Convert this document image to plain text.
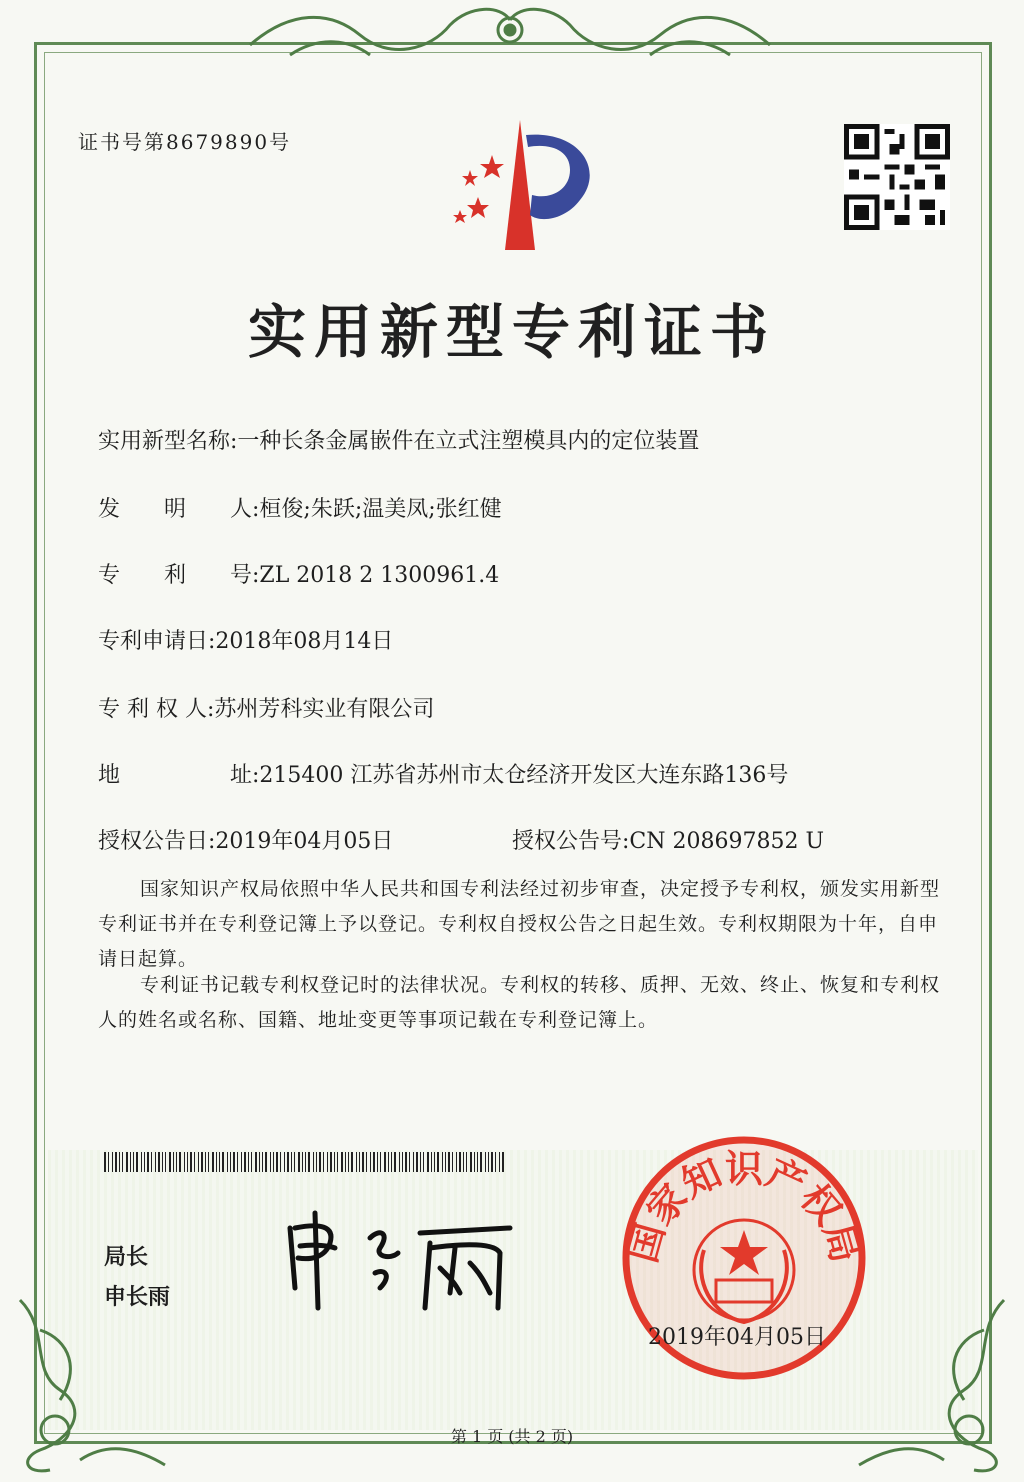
证书号第8679890号
实用新型专利证书
实用新型名称:一种长条金属嵌件在立式注塑模具内的定位装置
发　　明　　人:桓俊;朱跃;温美凤;张红健
专　　利　　号:ZL 2018 2 1300961.4
专利申请日:2018年08月14日
专 利 权 人:苏州芳科实业有限公司
地　　　　　址:215400 江苏省苏州市太仓经济开发区大连东路136号
授权公告日:2019年04月05日	授权公告号:CN 208697852 U
国家知识产权局依照中华人民共和国专利法经过初步审查，决定授予专利权，颁发实用新型专利证书并在专利登记簿上予以登记。专利权自授权公告之日起生效。专利权期限为十年，自申请日起算。
专利证书记载专利权登记时的法律状况。专利权的转移、质押、无效、终止、恢复和专利权人的姓名或名称、国籍、地址变更等事项记载在专利登记簿上。
局长
申长雨
国家知识产权局
2019年04月05日
第 1 页 (共 2 页)
